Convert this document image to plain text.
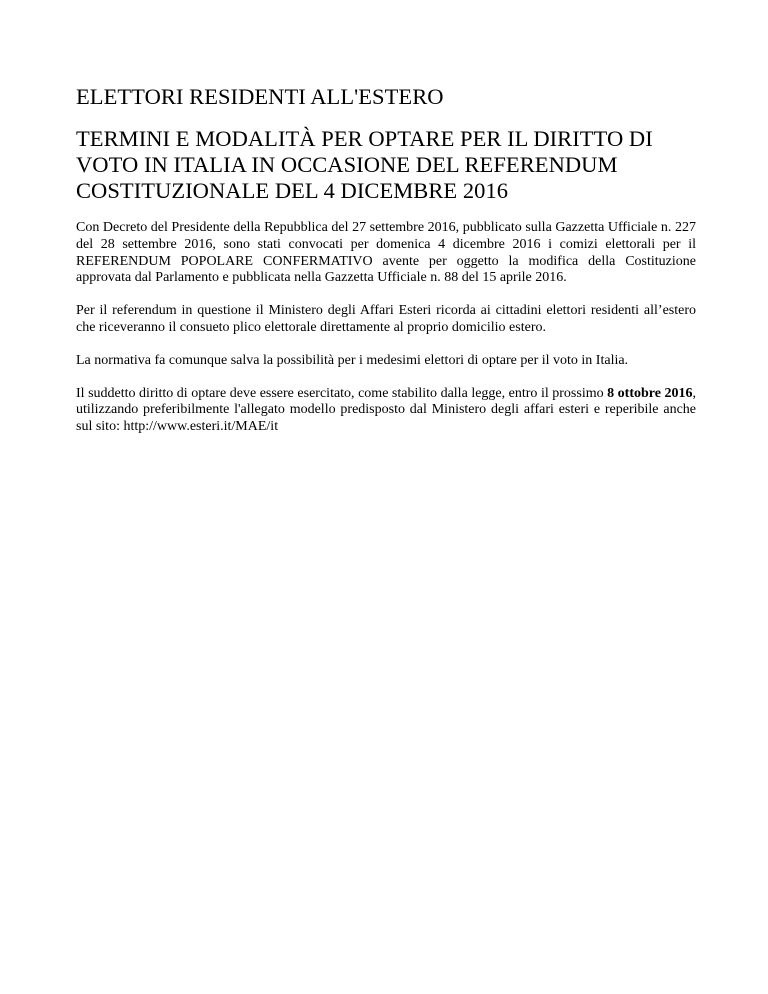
ELETTORI RESIDENTI ALL'ESTERO
TERMINI E MODALITÀ PER OPTARE PER IL DIRITTO DI VOTO IN ITALIA IN OCCASIONE DEL REFERENDUM COSTITUZIONALE DEL 4 DICEMBRE 2016

Con Decreto del Presidente della Repubblica del 27 settembre 2016, pubblicato sulla Gazzetta Ufficiale n. 227 del 28 settembre 2016, sono stati convocati per domenica 4 dicembre 2016 i comizi elettorali per il REFERENDUM POPOLARE CONFERMATIVO avente per oggetto la modifica della Costituzione approvata dal Parlamento e pubblicata nella Gazzetta Ufficiale n. 88 del 15 aprile 2016.

Per il referendum in questione il Ministero degli Affari Esteri ricorda ai cittadini elettori residenti all’estero che riceveranno il consueto plico elettorale direttamente al proprio domicilio estero.

La normativa fa comunque salva la possibilità per i medesimi elettori di optare per il voto in Italia.

Il suddetto diritto di optare deve essere esercitato, come stabilito dalla legge, entro il prossimo 8 ottobre 2016, utilizzando preferibilmente l'allegato modello predisposto dal Ministero degli affari esteri e reperibile anche sul sito: http://www.esteri.it/MAE/it
